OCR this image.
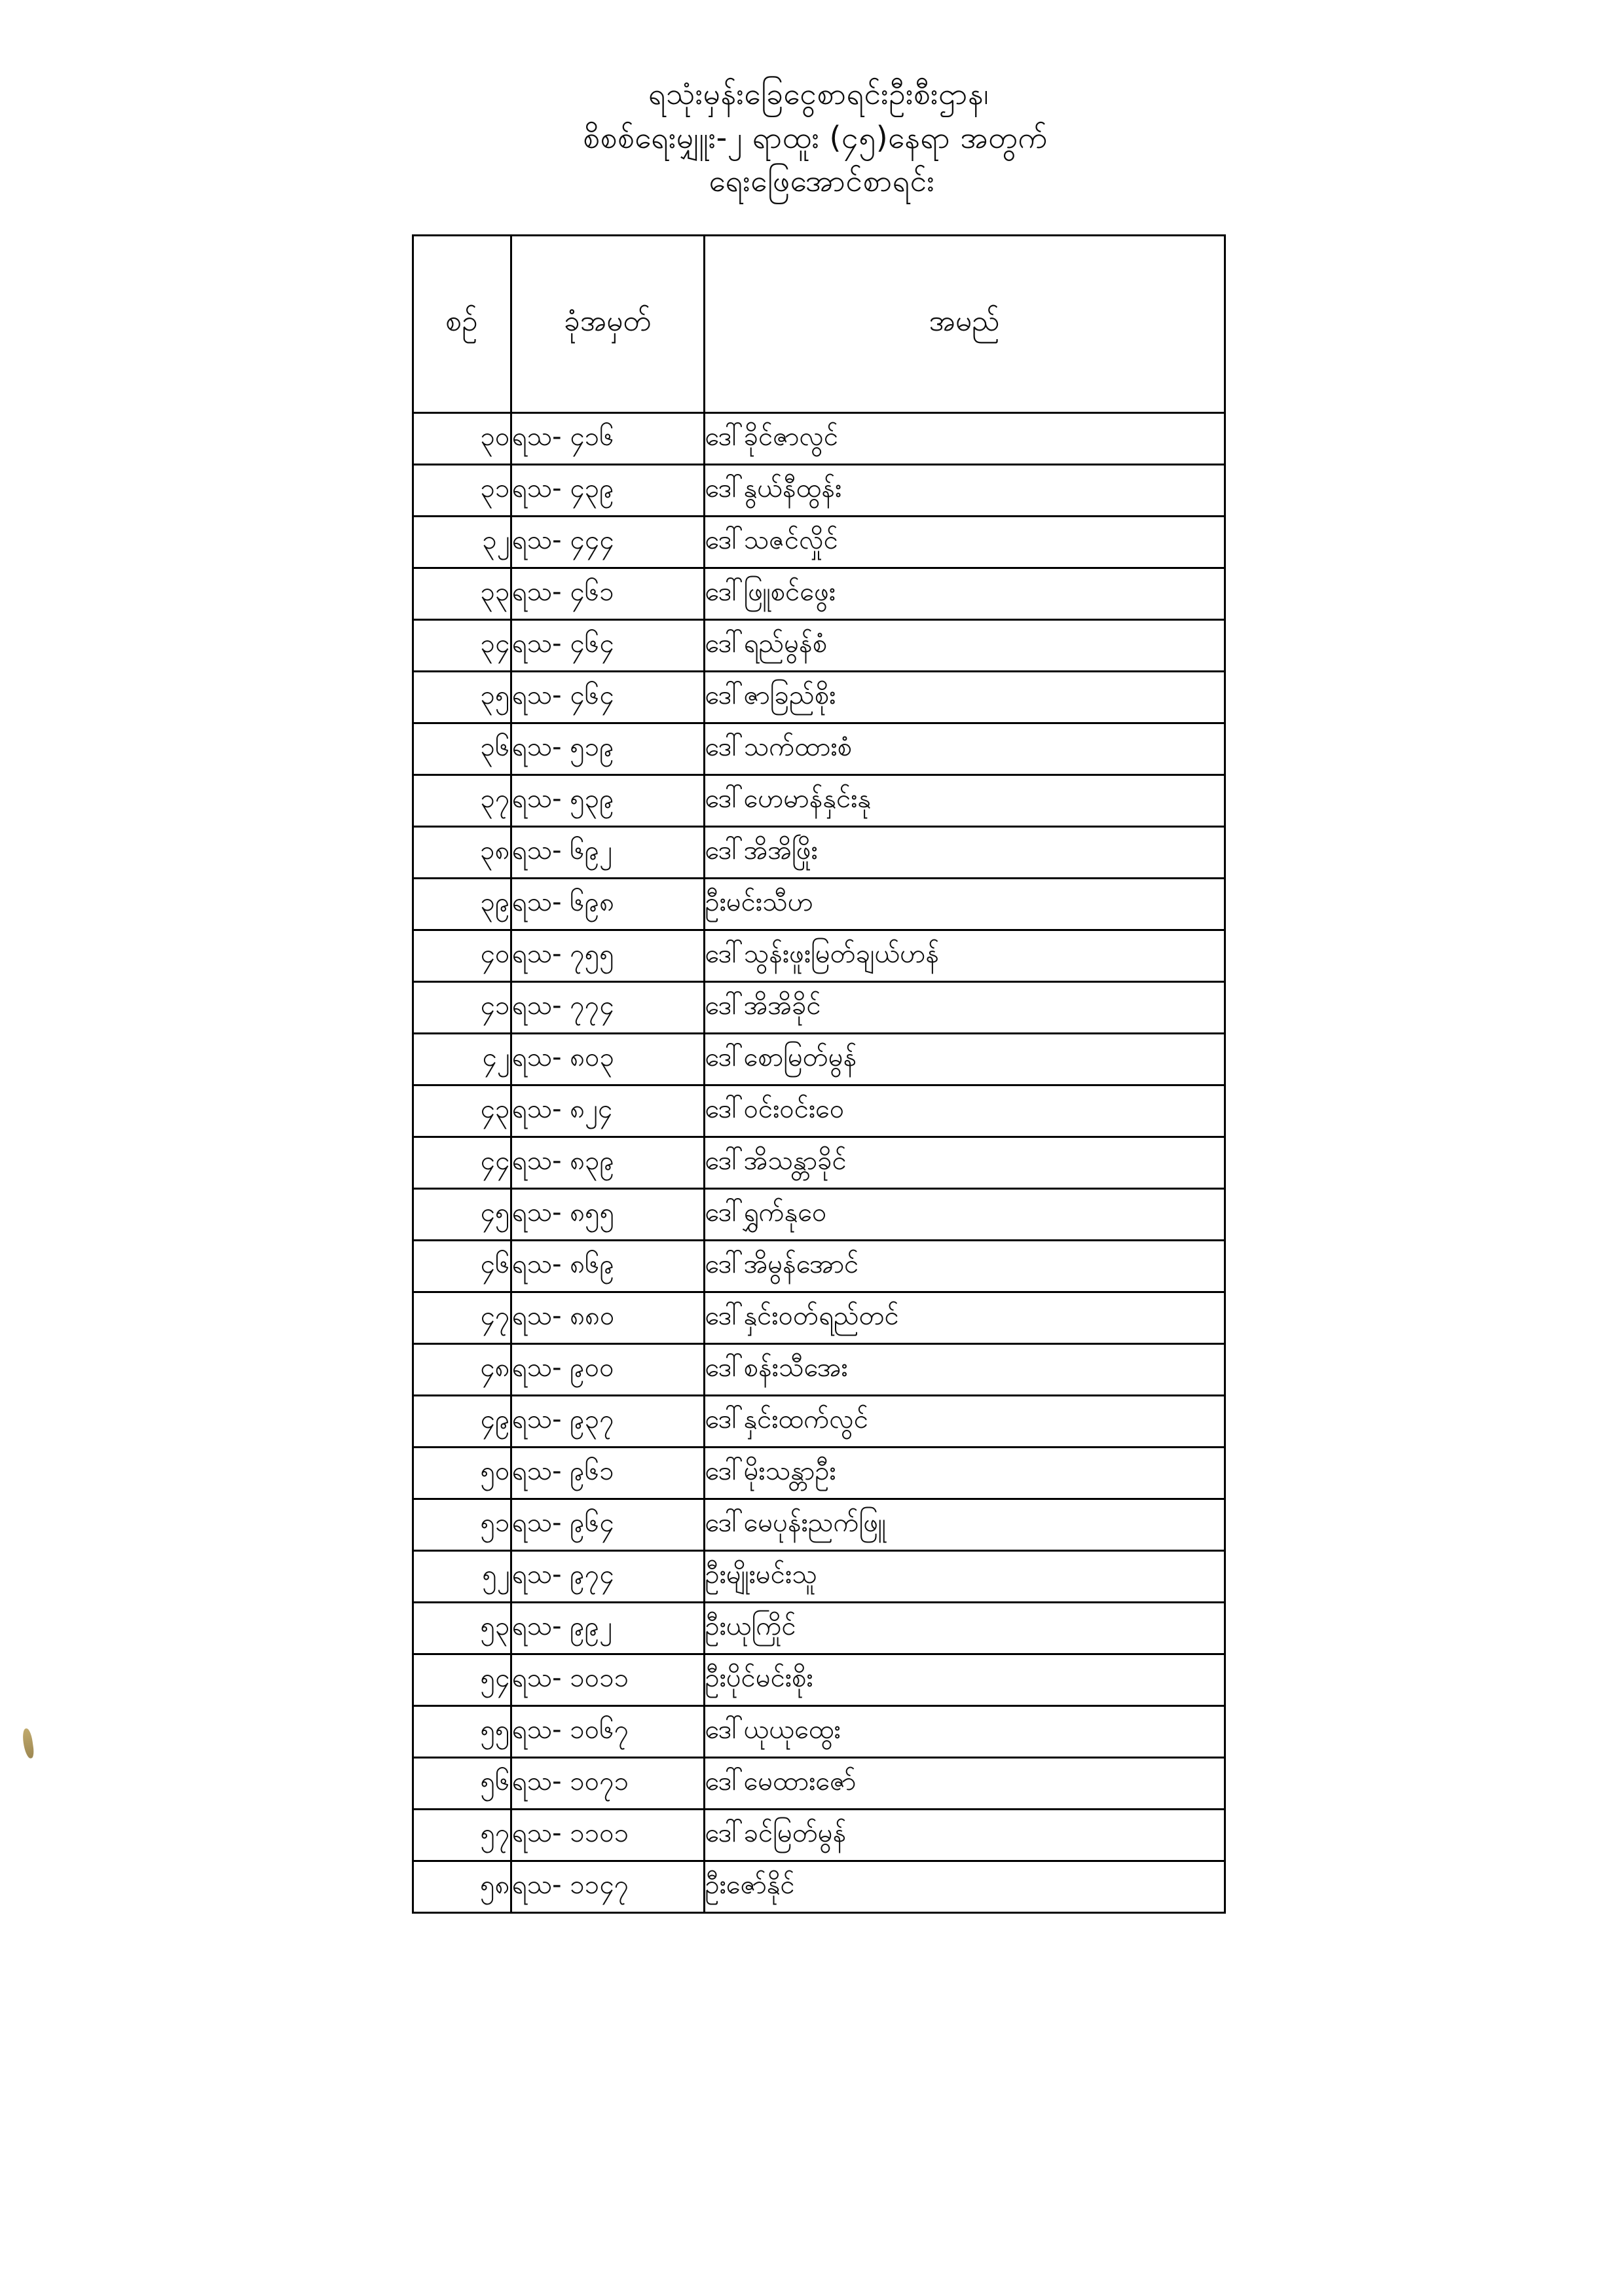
ရသုံးမှန်းခြေငွေစာရင်းဦးစီးဌာန၊
စိစစ်ရေးမျှူး-၂ ရာထူး (၄၅)နေရာ အတွက်
ရေးဖြေအောင်စာရင်း
စဉ်	ခုံအမှတ်	အမည်
၃၀	ရသ- ၄၁၆	ဒေါ်ခိုင်ဇာလွင်
၃၁	ရသ- ၄၃၉	ဒေါ်နွယ်နီထွန်း
၃၂	ရသ- ၄၄၄	ဒေါ်သဇင်လှိုင်
၃၃	ရသ- ၄၆၁	ဒေါ်ဖြူစင်ဖွေး
၃၄	ရသ- ၄၆၄	ဒေါ်ရည်မွန်စံ
၃၅	ရသ- ၄၆၄	ဒေါ်ဇာခြည်စိုး
၃၆	ရသ- ၅၁၉	ဒေါ်သက်ထားစံ
၃၇	ရသ- ၅၃၉	ဒေါ်ဟေမာန်နှင်းနု
၃၈	ရသ- ၆၉၂	ဒေါ်အိအိဖြိုး
၃၉	ရသ- ၆၉၈	ဦးမင်းသီဟ
၄၀	ရသ- ၇၅၅	ဒေါ်သွန်းဖူးမြတ်ချယ်ဟန်
၄၁	ရသ- ၇၇၄	ဒေါ်အိအိခိုင်
၄၂	ရသ- ၈၀၃	ဒေါ်စောမြတ်မွန်
၄၃	ရသ- ၈၂၄	ဒေါ်ဝင်းဝင်းဝေ
၄၄	ရသ- ၈၃၉	ဒေါ်အိသန္တာခိုင်
၄၅	ရသ- ၈၅၅	ဒေါ်ရွှက်နုဝေ
၄၆	ရသ- ၈၆၉	ဒေါ်အိမွန်အောင်
၄၇	ရသ- ၈၈၀	ဒေါ်နှင်းဝတ်ရည်တင်
၄၈	ရသ- ၉၀၀	ဒေါ်စန်းသီအေး
၄၉	ရသ- ၉၃၇	ဒေါ်နှင်းထက်လွင်
၅၀	ရသ- ၉၆၁	ဒေါ်မိုးသန္တာဦး
၅၁	ရသ- ၉၆၄	ဒေါ်မေပုန်းညက်ဖြူ
၅၂	ရသ- ၉၇၄	ဦးမျိုးမင်းသူ
၅၃	ရသ- ၉၉၂	ဦးယုကြိုင်
၅၄	ရသ- ၁၀၁၁	ဦးပိုင်မင်းစိုး
၅၅	ရသ- ၁၀၆၇	ဒေါ်ယုယုထွေး
၅၆	ရသ- ၁၀၇၁	ဒေါ်မေထားဇော်
၅၇	ရသ- ၁၁၀၁	ဒေါ်ခင်မြတ်မွန်
၅၈	ရသ- ၁၁၄၇	ဦးဇော်နိုင်
